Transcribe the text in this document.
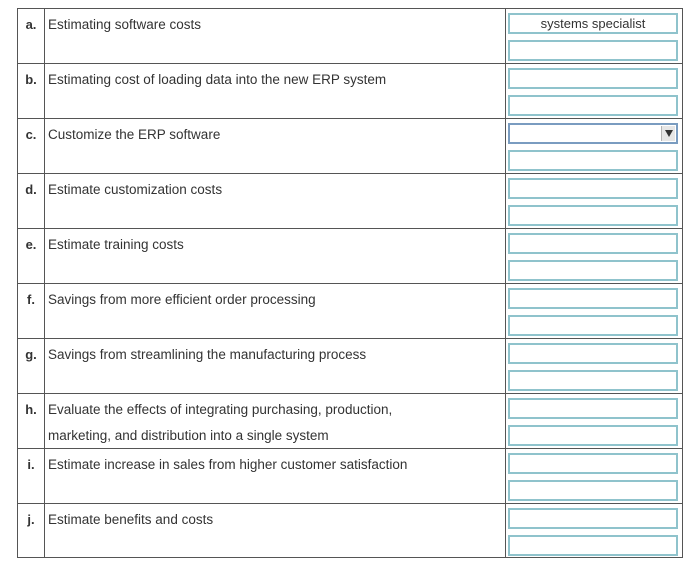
a. Estimating software costs	systems specialist
b. Estimating cost of loading data into the new ERP system
c. Customize the ERP software
d. Estimate customization costs
e. Estimate training costs
f. Savings from more efficient order processing
g. Savings from streamlining the manufacturing process
h. Evaluate the effects of integrating purchasing, production,
marketing, and distribution into a single system
i. Estimate increase in sales from higher customer satisfaction
j. Estimate benefits and costs
